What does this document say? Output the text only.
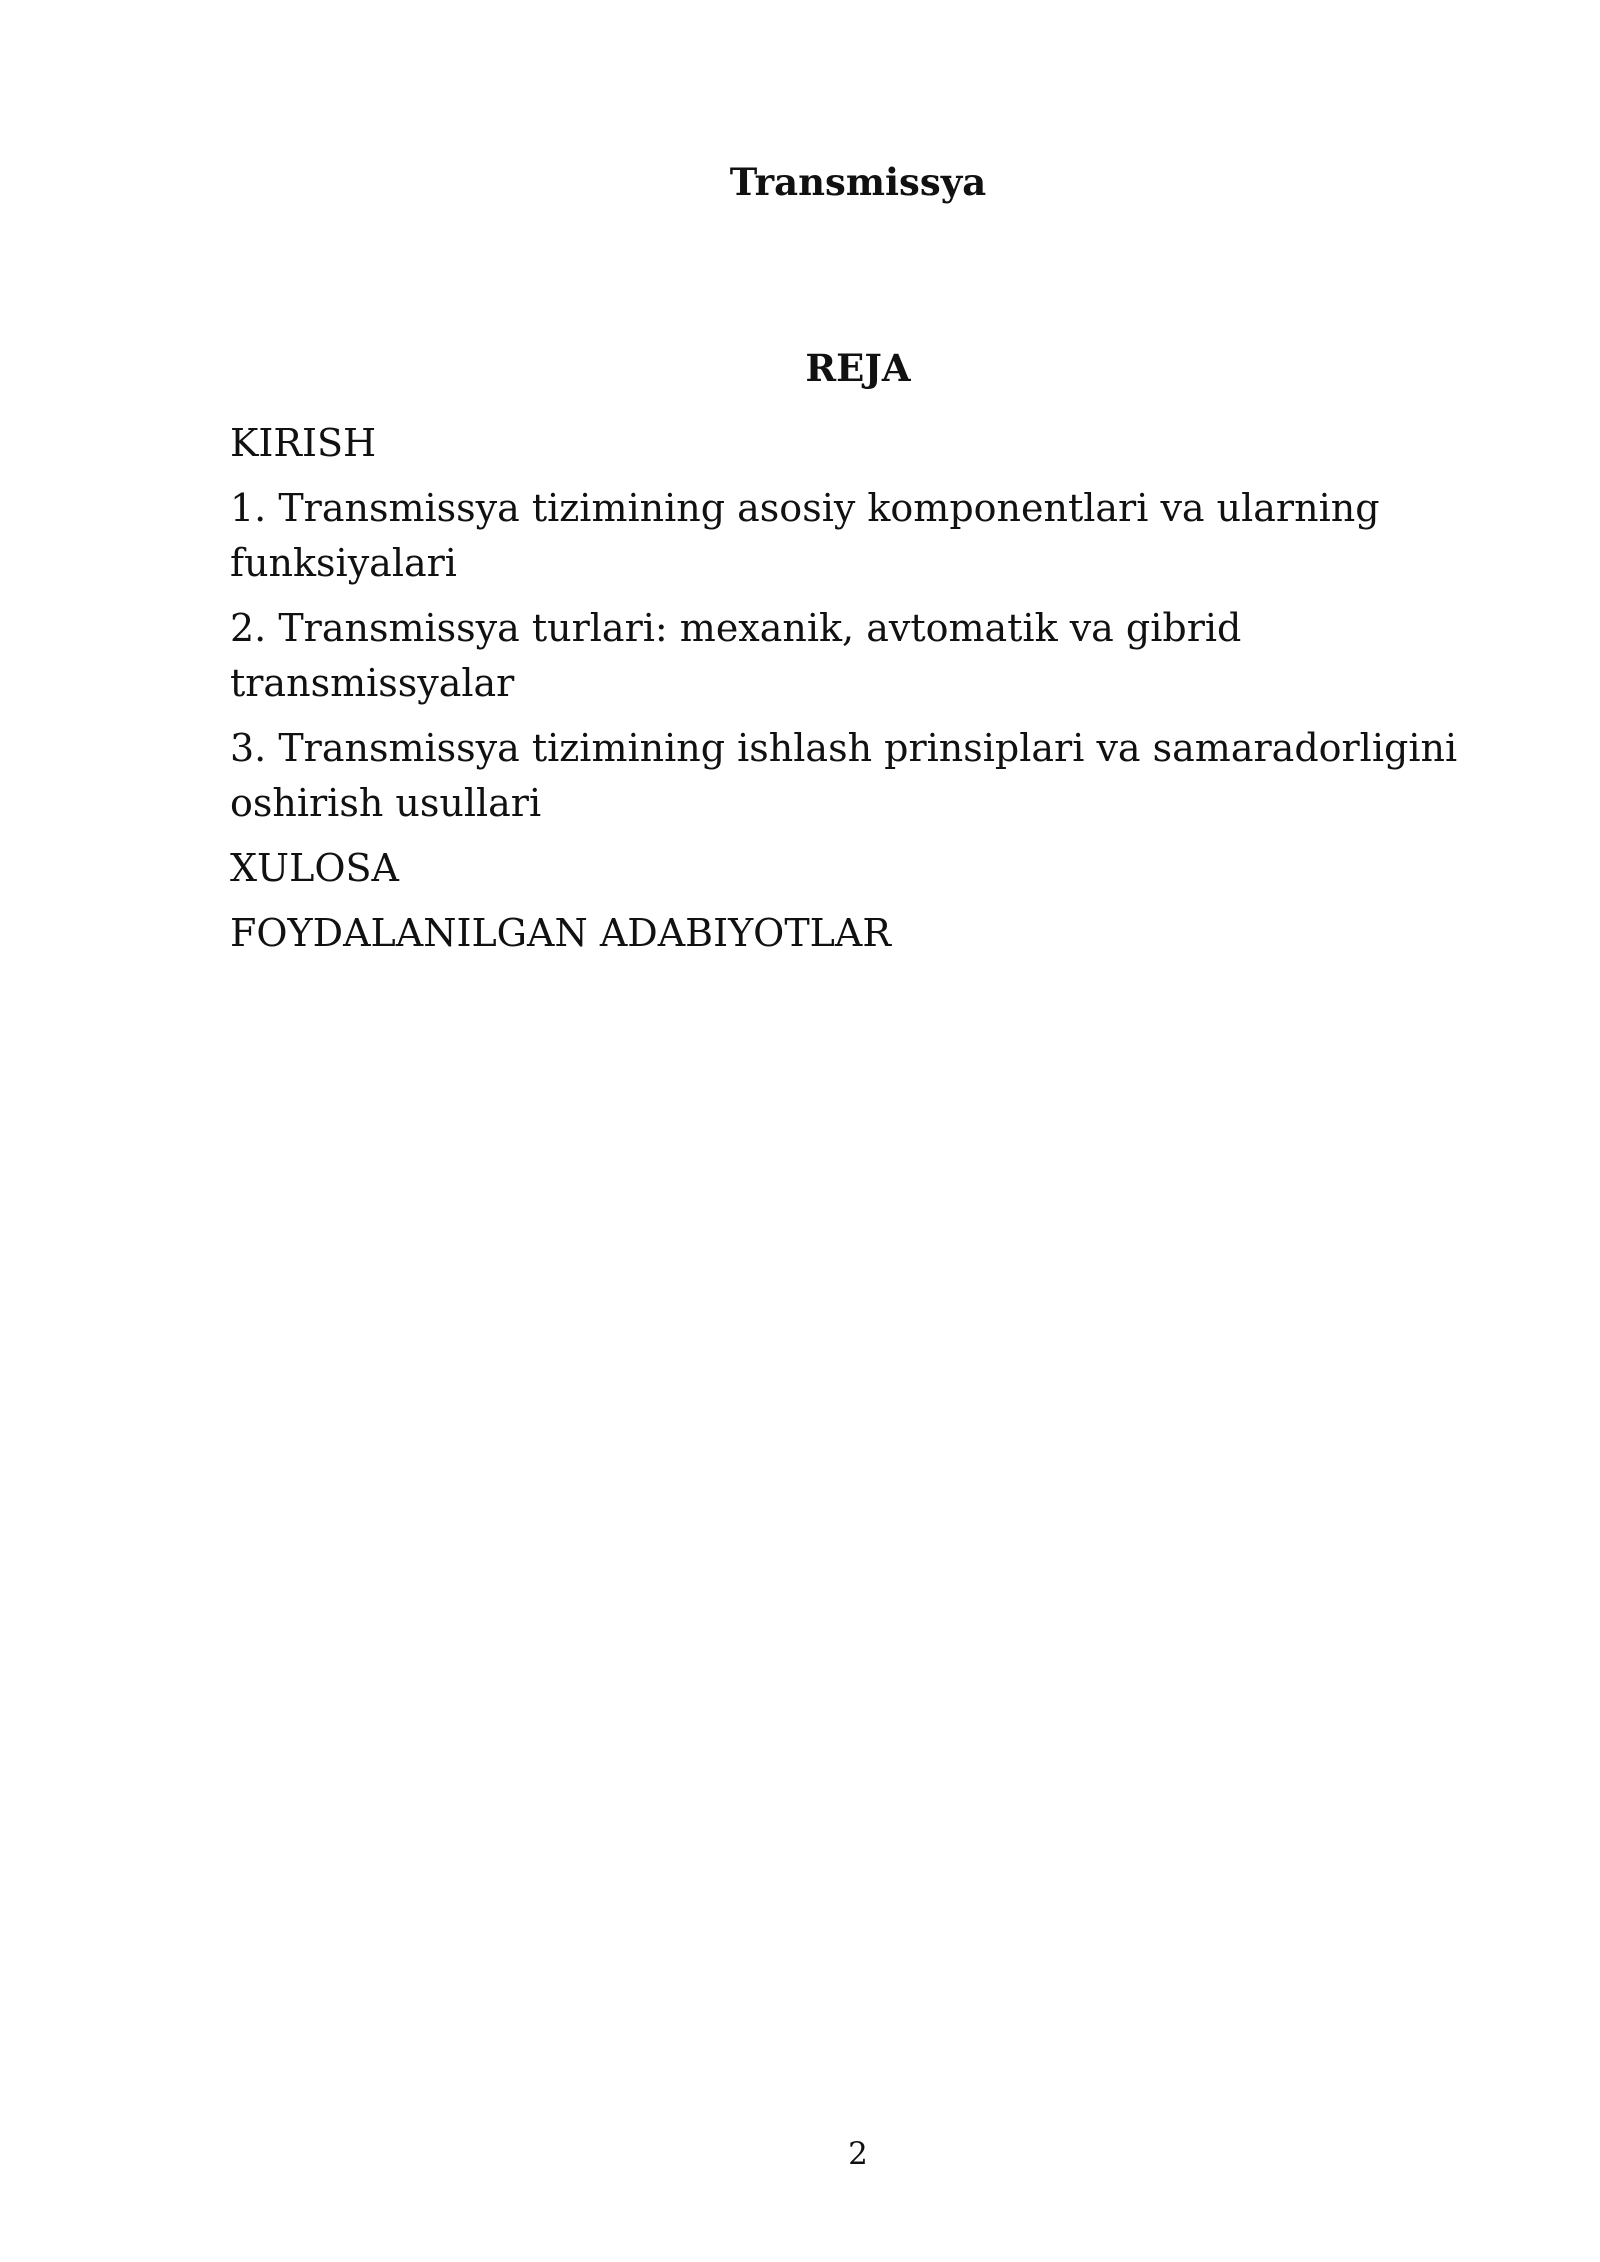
Transmissya
REJA
KIRISH
1. Transmissya tizimining asosiy komponentlari va ularning funksiyalari
2. Transmissya turlari: mexanik, avtomatik va gibrid transmissyalar
3. Transmissya tizimining ishlash prinsiplari va samaradorligini oshirish usullari
XULOSA
FOYDALANILGAN ADABIYOTLAR
2
